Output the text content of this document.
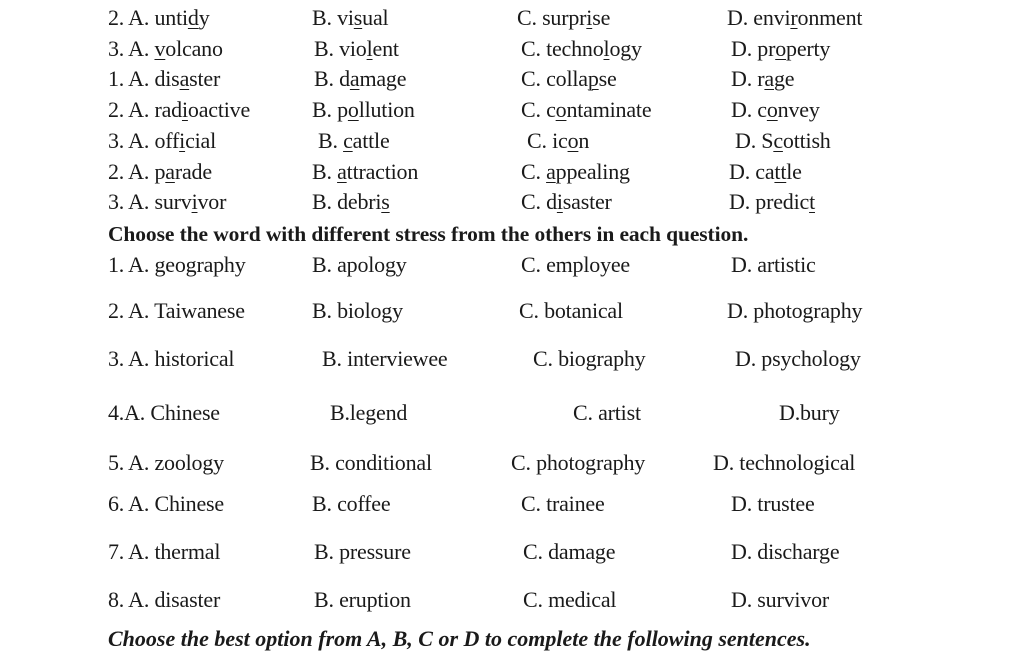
2. A. untidy	B. visual	C. surprise	D. environment
3. A. volcano	B. violent	C. technology	D. property
1. A. disaster	B. damage	C. collapse	D. rage
2. A. radioactive	B. pollution	C. contaminate	D. convey
3. A. official	B. cattle	C. icon	D. Scottish
2. A. parade	B. attraction	C. appealing	D. cattle
3. A. survivor	B. debris	C. disaster	D. predict
Choose the word with different stress from the others in each question.
1. A. geography	B. apology	C. employee	D. artistic
2. A. Taiwanese	B. biology	C. botanical	D. photography
3. A. historical	B. interviewee	C. biography	D. psychology
4.A. Chinese	B.legend	C. artist	D.bury
5. A. zoology	B. conditional	C. photography	D. technological
6. A. Chinese	B. coffee	C. trainee	D. trustee
7. A. thermal	B. pressure	C. damage	D. discharge
8. A. disaster	B. eruption	C. medical	D. survivor
Choose the best option from A, B, C or D to complete the following sentences.
